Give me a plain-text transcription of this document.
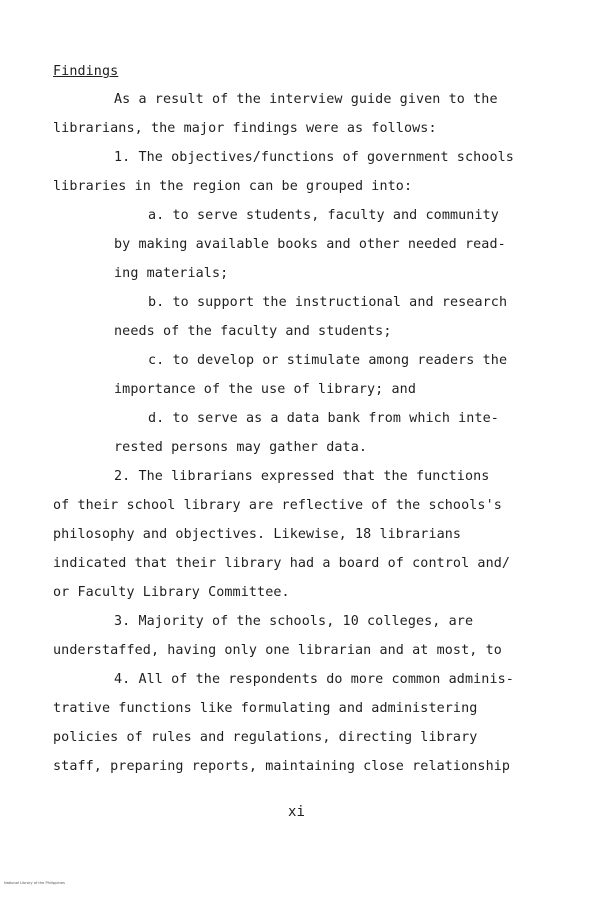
Findings
As a result of the interview guide given to the
librarians, the major findings were as follows:
1. The objectives/functions of government schools
libraries in the region can be grouped into:
a. to serve students, faculty and community
by making available books and other needed read-
ing materials;
b. to support the instructional and research
needs of the faculty and students;
c. to develop or stimulate among readers the
importance of the use of library; and
d. to serve as a data bank from which inte-
rested persons may gather data.
2. The librarians expressed that the functions
of their school library are reflective of the schools's
philosophy and objectives. Likewise, 18 librarians
indicated that their library had a board of control and/
or Faculty Library Committee.
3. Majority of the schools, 10 colleges, are
understaffed, having only one librarian and at most, to
4. All of the respondents do more common adminis-
trative functions like formulating and administering
policies of rules and regulations, directing library
staff, preparing reports, maintaining close relationship
xi
National Library of the Philippines
